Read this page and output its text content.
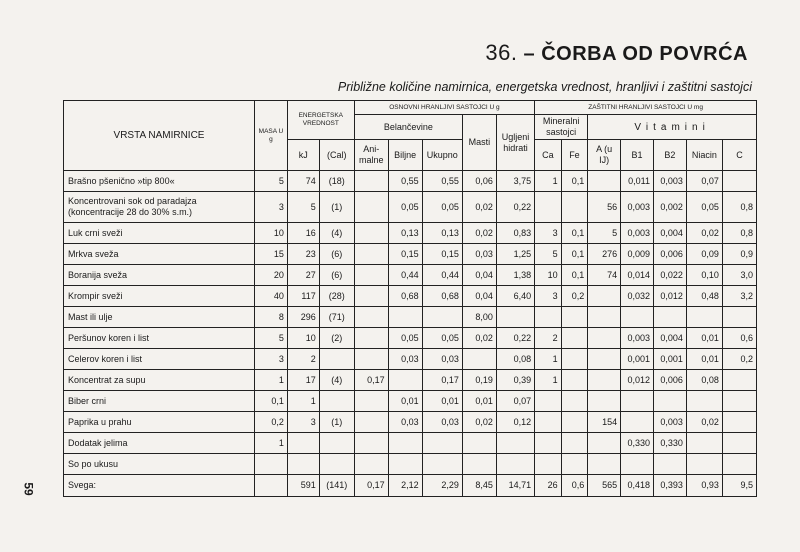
36. – ČORBA OD POVRĆA

Približne količine namirnica, energetska vrednost, hranljivi i zaštitni sastojci

59
VRSTA NAMIRNICE	MASA U g	ENERGETSKA VREDNOST		OSNOVNI HRANLJIVI SASTOJCI U g					ZAŠTITNI HRANLJIVI SASTOJCI U mg						
				Belančevine			Masti	Ugljeni hidrati	Mineralni sastojci		Vitamini				
		kJ	(Cal)	Ani-malne	Biljne	Ukupno			Ca	Fe	A (u IJ)	B1	B2	Niacin	C
Brašno pšenično »tip 800«	5	74	(18)		0,55	0,55	0,06	3,75	1	0,1		0,011	0,003	0,07	
Koncentrovani sok od paradajza (koncentracije 28 do 30% s.m.)	3	5	(1)		0,05	0,05	0,02	0,22			56	0,003	0,002	0,05	0,8
Luk crni sveži	10	16	(4)		0,13	0,13	0,02	0,83	3	0,1	5	0,003	0,004	0,02	0,8
Mrkva sveža	15	23	(6)		0,15	0,15	0,03	1,25	5	0,1	276	0,009	0,006	0,09	0,9
Boranija sveža	20	27	(6)		0,44	0,44	0,04	1,38	10	0,1	74	0,014	0,022	0,10	3,0
Krompir sveži	40	117	(28)		0,68	0,68	0,04	6,40	3	0,2		0,032	0,012	0,48	3,2
Mast ili ulje	8	296	(71)				8,00								
Peršunov koren i list	5	10	(2)		0,05	0,05	0,02	0,22	2			0,003	0,004	0,01	0,6
Celerov koren i list	3	2			0,03	0,03		0,08	1			0,001	0,001	0,01	0,2
Koncentrat za supu	1	17	(4)	0,17		0,17	0,19	0,39	1			0,012	0,006	0,08	
Biber crni	0,1	1			0,01	0,01	0,01	0,07							
Paprika u prahu	0,2	3	(1)		0,03	0,03	0,02	0,12			154		0,003	0,02	
Dodatak jelima	1											0,330	0,330		
So po ukusu															
Svega:		591	(141)	0,17	2,12	2,29	8,45	14,71	26	0,6	565	0,418	0,393	0,93	9,5
